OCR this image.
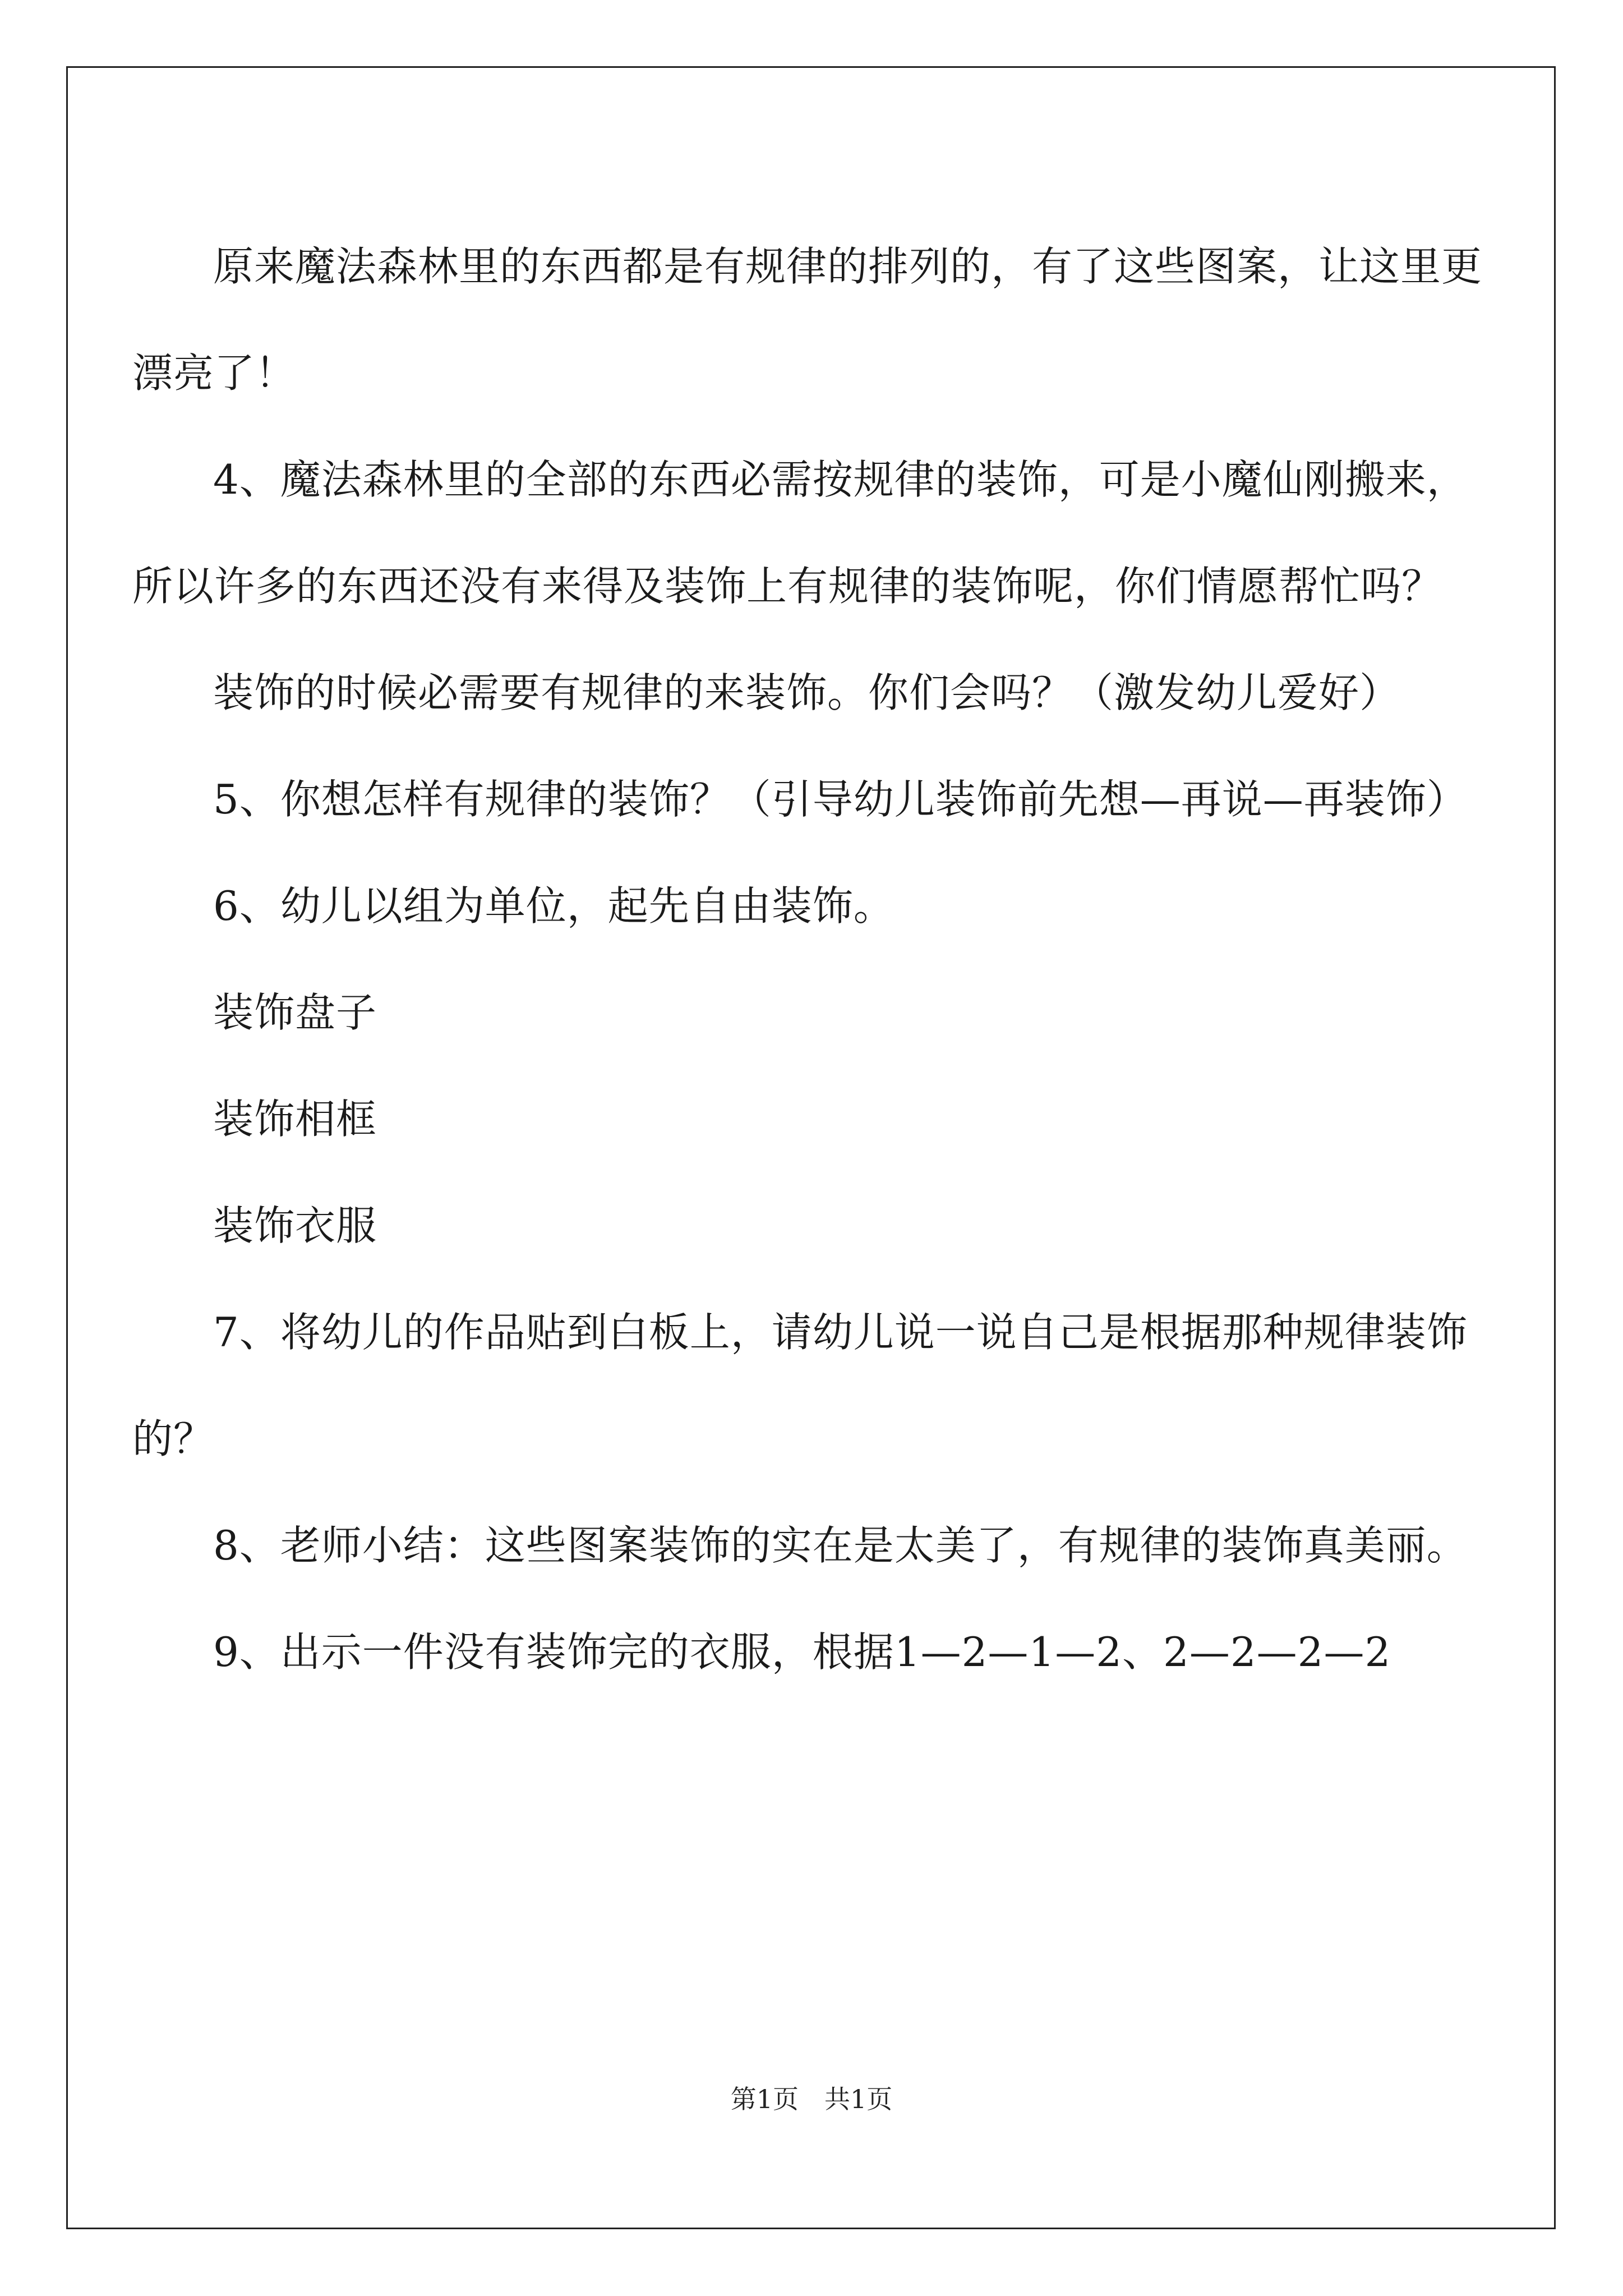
原来魔法森林里的东西都是有规律的排列的，有了这些图案，让这里更漂亮了！

4、魔法森林里的全部的东西必需按规律的装饰，可是小魔仙刚搬来，所以许多的东西还没有来得及装饰上有规律的装饰呢，你们情愿帮忙吗？

装饰的时候必需要有规律的来装饰。你们会吗？（激发幼儿爱好）

5、你想怎样有规律的装饰？（引导幼儿装饰前先想—再说—再装饰）

6、幼儿以组为单位，起先自由装饰。

装饰盘子

装饰相框

装饰衣服

7、将幼儿的作品贴到白板上，请幼儿说一说自己是根据那种规律装饰的？

8、老师小结：这些图案装饰的实在是太美了，有规律的装饰真美丽。

9、出示一件没有装饰完的衣服，根据1—2—1—2、2—2—2—2

第1页 共1页
